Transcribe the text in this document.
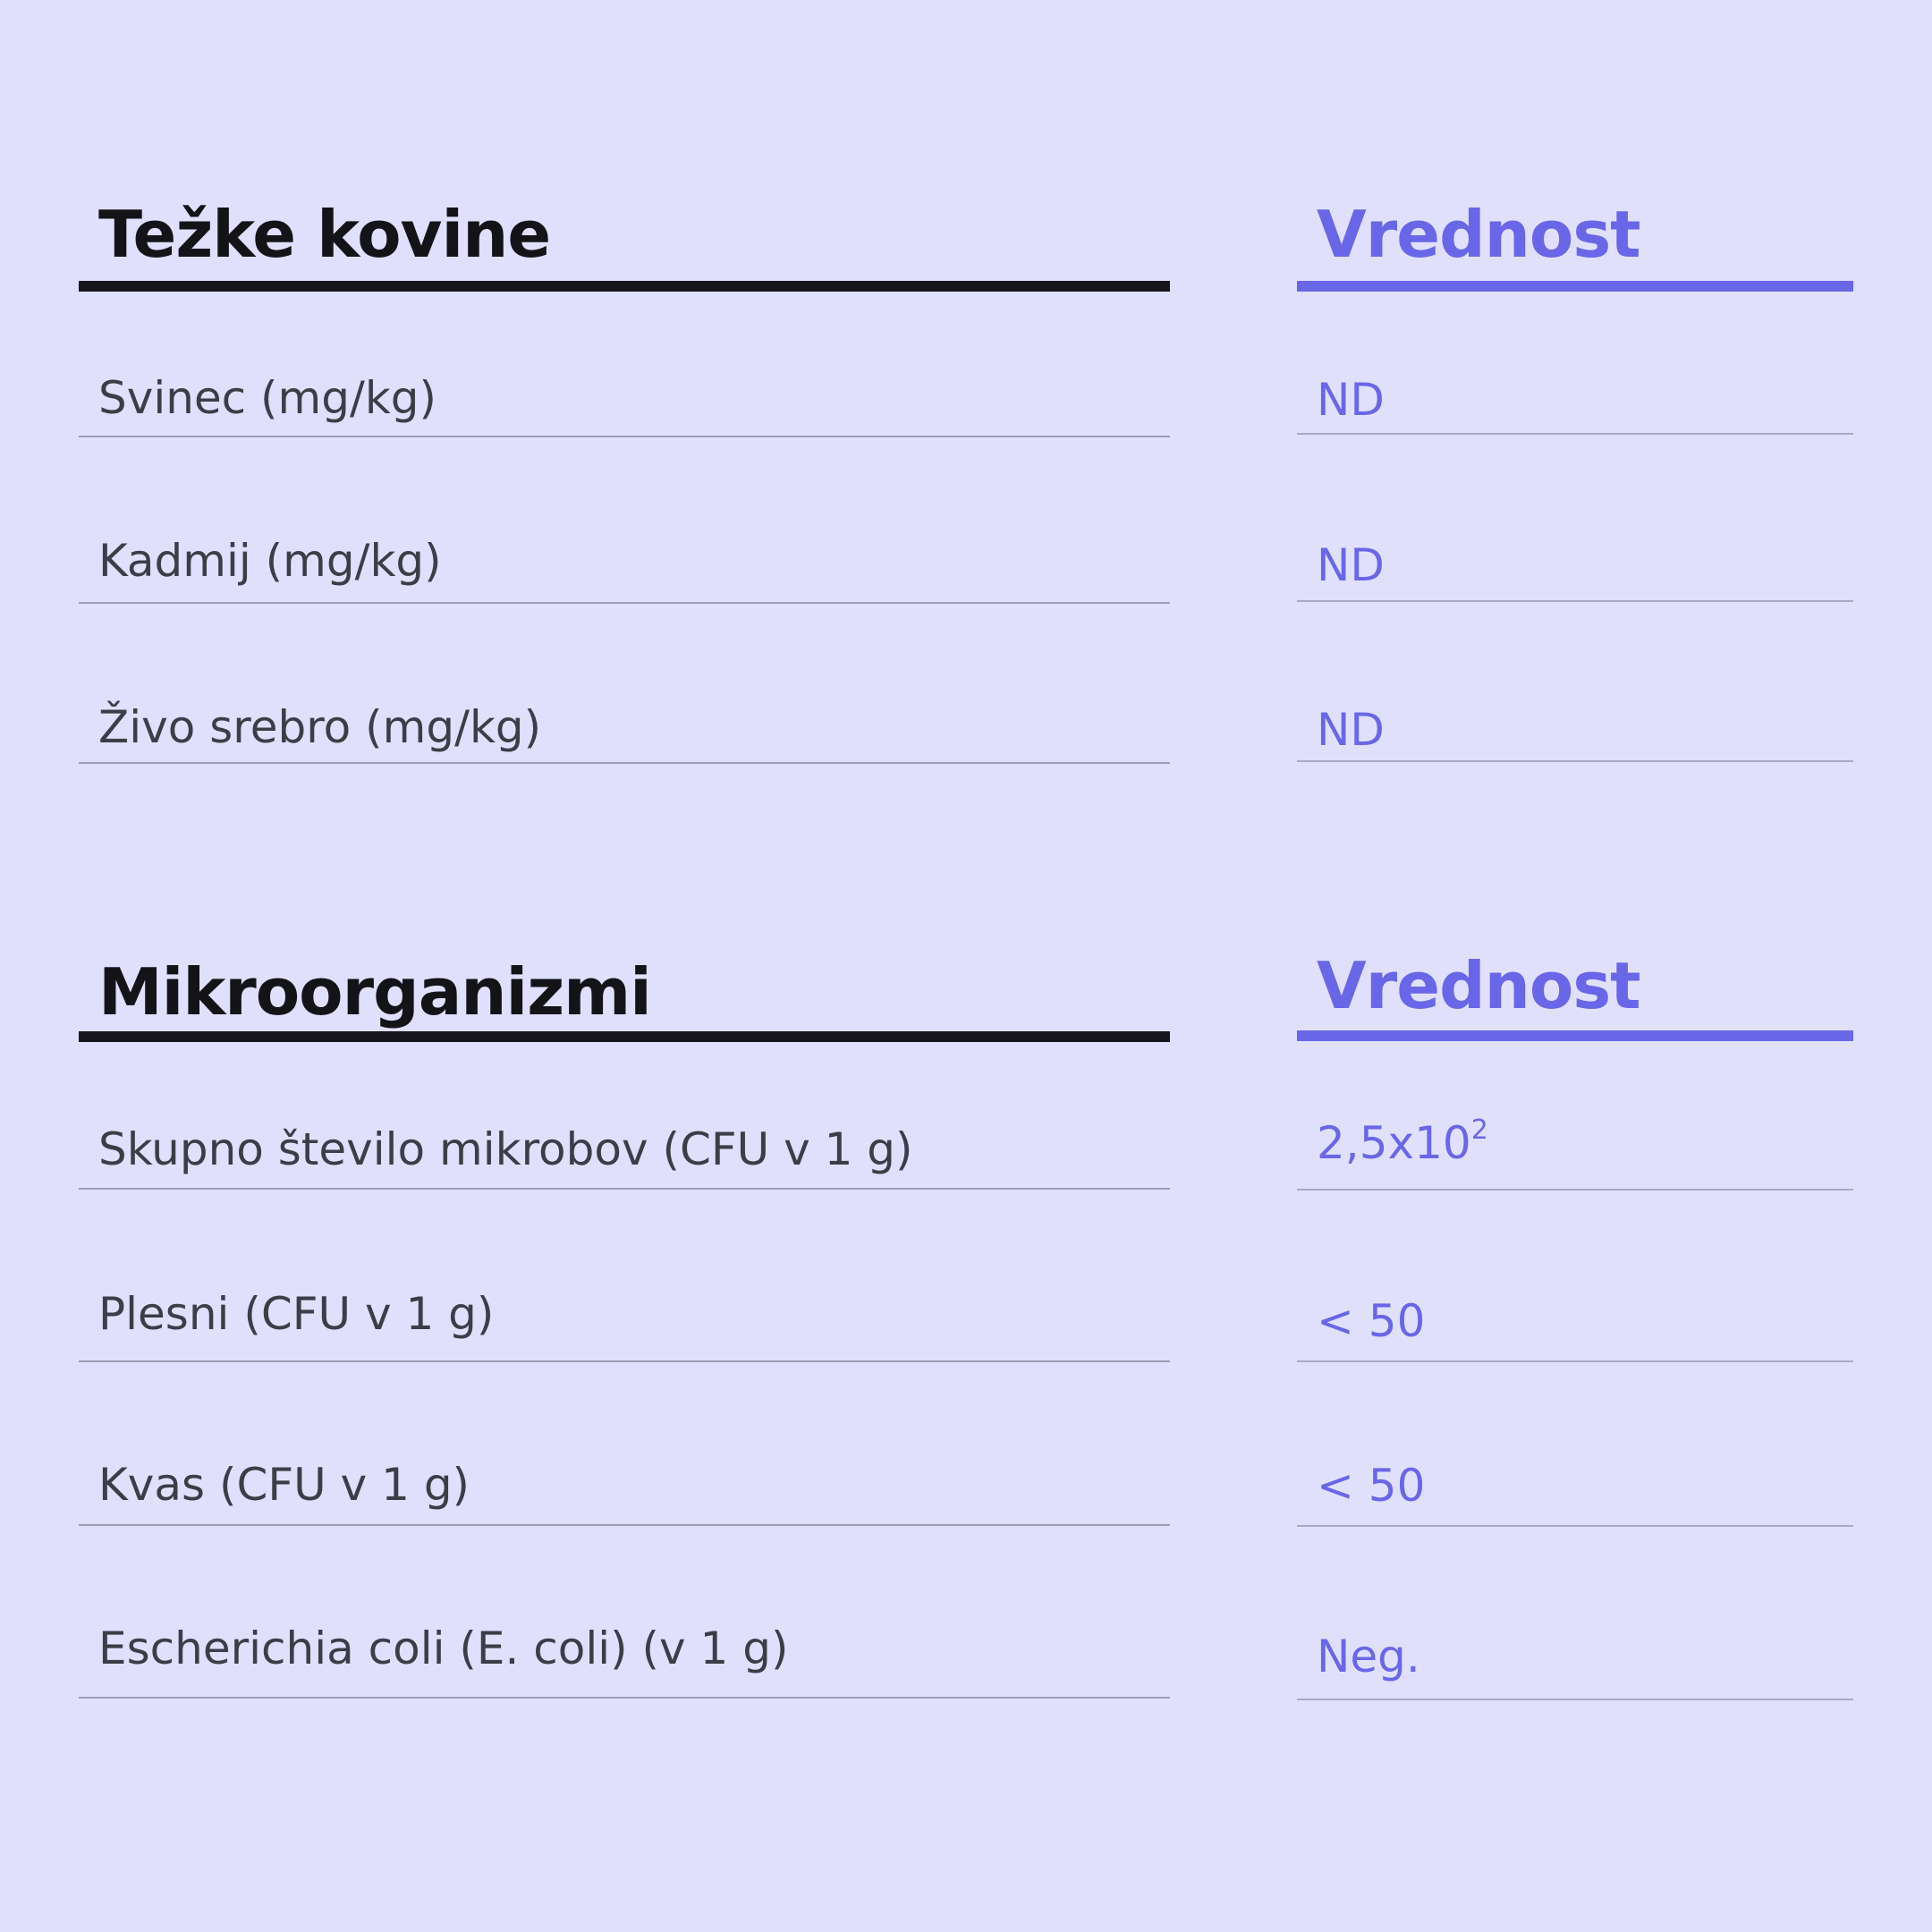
Težke kovine	Vrednost
Svinec (mg/kg)	ND
Kadmij (mg/kg)	ND
Živo srebro (mg/kg)	ND
Mikroorganizmi	Vrednost
Skupno število mikrobov (CFU v 1 g)	$2,5x10^2$
Plesni (CFU v 1 g)	< 50
Kvas (CFU v 1 g)	< 50
Escherichia coli (E. coli) (v 1 g)	Neg.
